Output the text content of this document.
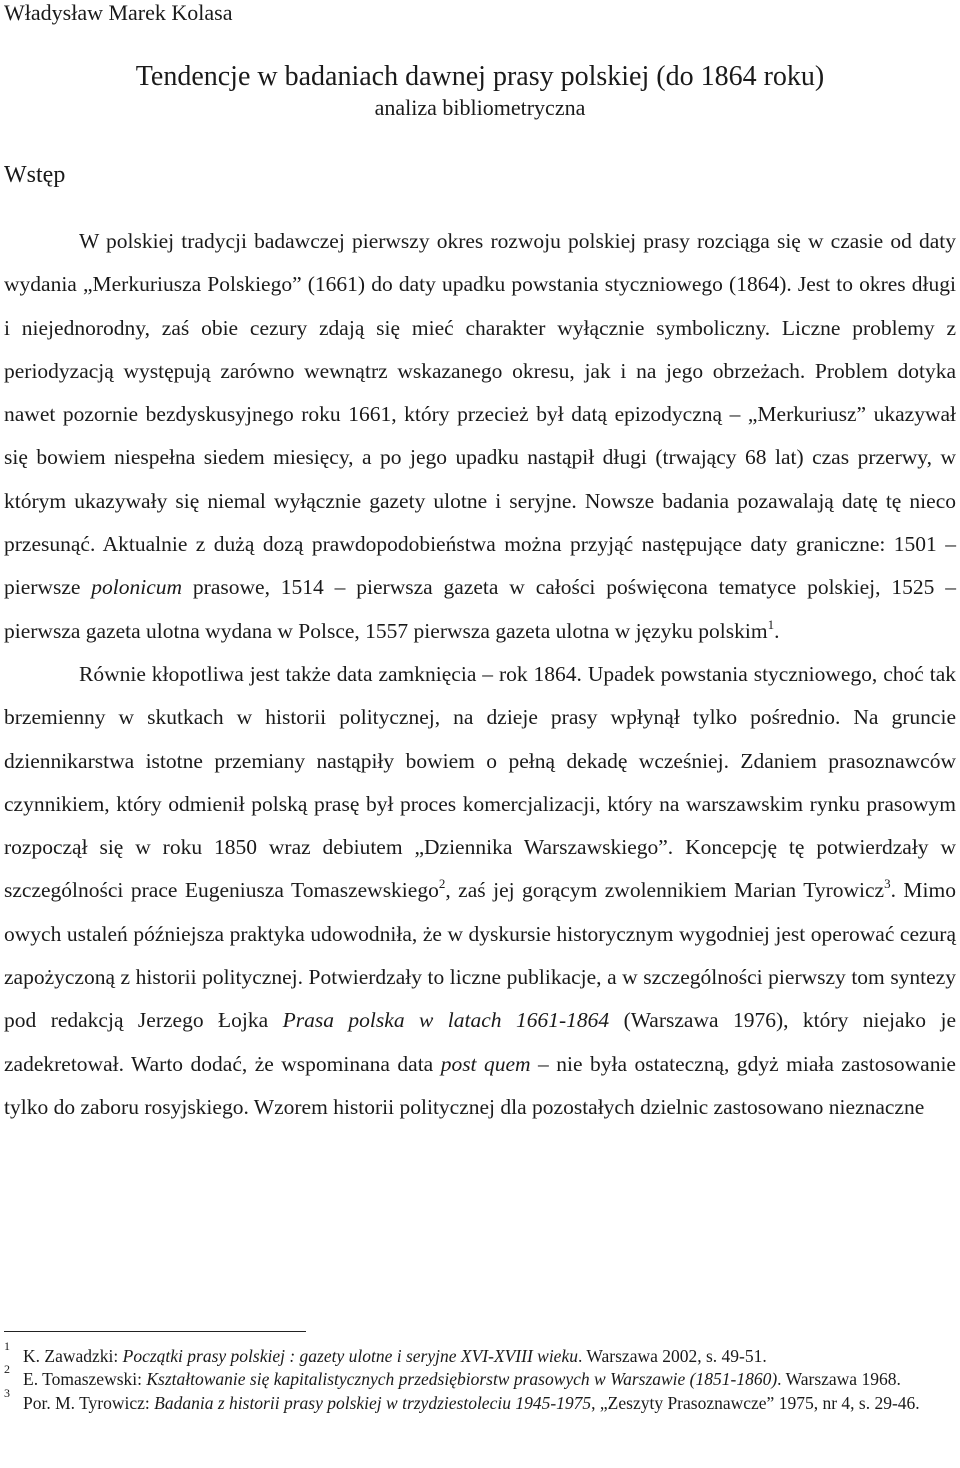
Władysław Marek Kolasa
Tendencje w badaniach dawnej prasy polskiej (do 1864 roku)
analiza bibliometryczna
Wstęp

W polskiej tradycji badawczej pierwszy okres rozwoju polskiej prasy rozciąga się w czasie od daty wydania „Merkuriusza Polskiego” (1661) do daty upadku powstania styczniowego (1864). Jest to okres długi i niejednorodny, zaś obie cezury zdają się mieć charakter wyłącznie symboliczny. Liczne problemy z periodyzacją występują zarówno wewnątrz wskazanego okresu, jak i na jego obrzeżach. Problem dotyka nawet pozornie bezdyskusyjnego roku 1661, który przecież był datą epizodyczną – „Merkuriusz” ukazywał się bowiem niespełna siedem miesięcy, a po jego upadku nastąpił długi (trwający 68 lat) czas przerwy, w którym ukazywały się niemal wyłącznie gazety ulotne i seryjne. Nowsze badania pozawalają datę tę nieco przesunąć. Aktualnie z dużą dozą prawdopodobieństwa można przyjąć następujące daty graniczne: 1501 – pierwsze polonicum prasowe, 1514 – pierwsza gazeta w całości poświęcona tematyce polskiej, 1525 – pierwsza gazeta ulotna wydana w Polsce, 1557 pierwsza gazeta ulotna w języku polskim$^1$.

Równie kłopotliwa jest także data zamknięcia – rok 1864. Upadek powstania styczniowego, choć tak brzemienny w skutkach w historii politycznej, na dzieje prasy wpłynął tylko pośrednio. Na gruncie dziennikarstwa istotne przemiany nastąpiły bowiem o pełną dekadę wcześniej. Zdaniem prasoznawców czynnikiem, który odmienił polską prasę był proces komercjalizacji, który na warszawskim rynku prasowym rozpoczął się w roku 1850 wraz debiutem „Dziennika Warszawskiego”. Koncepcję tę potwierdzały w szczególności prace Eugeniusza Tomaszewskiego$^2$, zaś jej gorącym zwolennikiem Marian Tyrowicz$^3$. Mimo owych ustaleń późniejsza praktyka udowodniła, że w dyskursie historycznym wygodniej jest operować cezurą zapożyczoną z historii politycznej. Potwierdzały to liczne publikacje, a w szczególności pierwszy tom syntezy pod redakcją Jerzego Łojka Prasa polska w latach 1661-1864 (Warszawa 1976), który niejako je zadekretował. Warto dodać, że wspominana data post quem – nie była ostateczną, gdyż miała zastosowanie tylko do zaboru rosyjskiego. Wzorem historii politycznej dla pozostałych dzielnic zastosowano nieznaczne

1 K. Zawadzki: Początki prasy polskiej : gazety ulotne i seryjne XVI-XVIII wieku. Warszawa 2002, s. 49-51.
2 E. Tomaszewski: Kształtowanie się kapitalistycznych przedsiębiorstw prasowych w Warszawie (1851-1860). Warszawa 1968.
3 Por. M. Tyrowicz: Badania z historii prasy polskiej w trzydziestoleciu 1945-1975, „Zeszyty Prasoznawcze” 1975, nr 4, s. 29-46.
